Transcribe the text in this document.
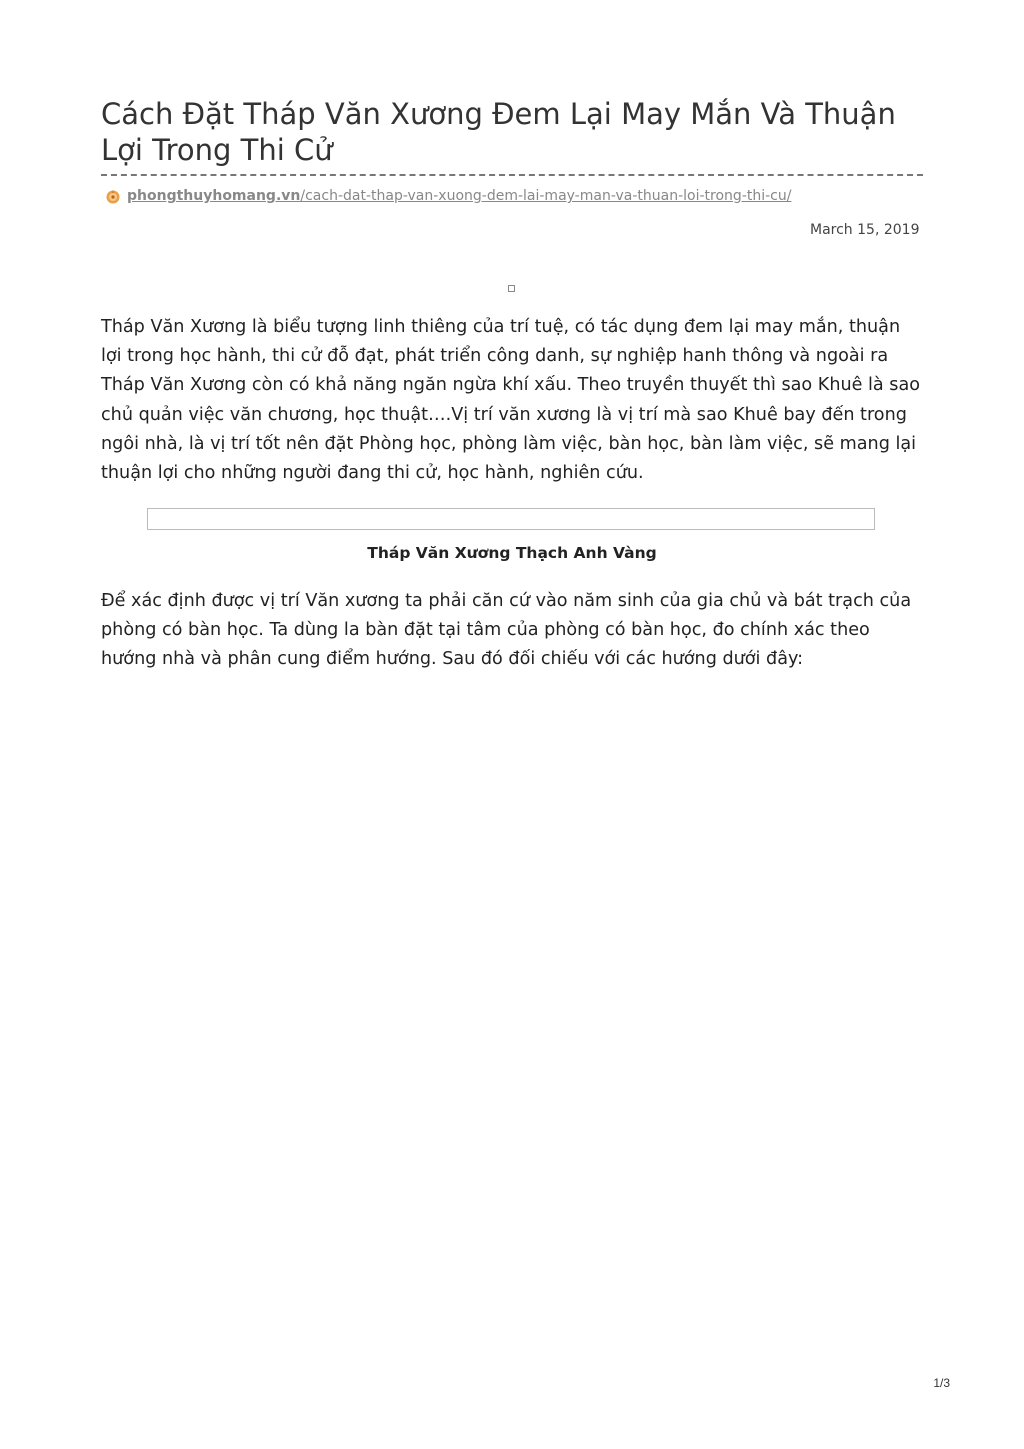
Cách Đặt Tháp Văn Xương Đem Lại May Mắn Và Thuận Lợi Trong Thi Cử
phongthuyhomang.vn/cach-dat-thap-van-xuong-dem-lai-may-man-va-thuan-loi-trong-thi-cu/
March 15, 2019

Tháp Văn Xương là biểu tượng linh thiêng của trí tuệ, có tác dụng đem lại may mắn, thuận lợi trong học hành, thi cử đỗ đạt, phát triển công danh, sự nghiệp hanh thông và ngoài ra Tháp Văn Xương còn có khả năng ngăn ngừa khí xấu. Theo truyền thuyết thì sao Khuê là sao chủ quản việc văn chương, học thuật….Vị trí văn xương là vị trí mà sao Khuê bay đến trong ngôi nhà, là vị trí tốt nên đặt Phòng học, phòng làm việc, bàn học, bàn làm việc, sẽ mang lại thuận lợi cho những người đang thi cử, học hành, nghiên cứu.

Tháp Văn Xương Thạch Anh Vàng

Để xác định được vị trí Văn xương ta phải căn cứ vào năm sinh của gia chủ và bát trạch của phòng có bàn học. Ta dùng la bàn đặt tại tâm của phòng có bàn học, đo chính xác theo hướng nhà và phân cung điểm hướng. Sau đó đối chiếu với các hướng dưới đây:

1/3
